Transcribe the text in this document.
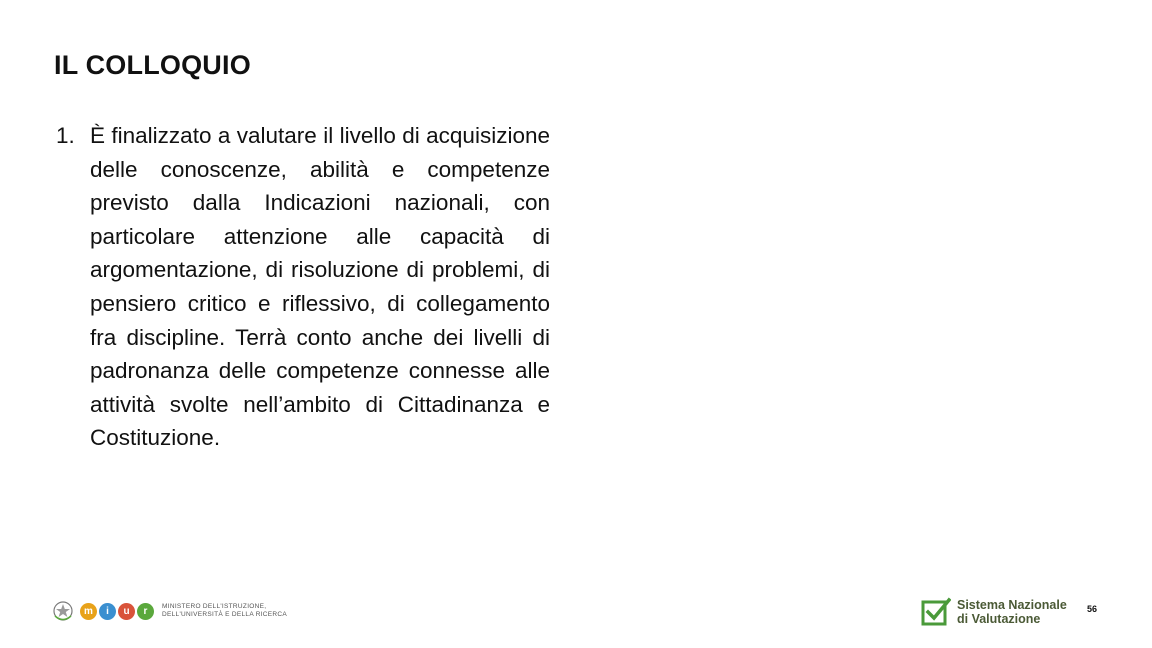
IL COLLOQUIO
1. È finalizzato a valutare il livello di acquisizione delle conoscenze, abilità e competenze previsto dalla Indicazioni nazionali, con particolare attenzione alle capacità di argomentazione, di risoluzione di problemi, di pensiero critico e riflessivo, di collegamento fra discipline. Terrà conto anche dei livelli di padronanza delle competenze connesse alle attività svolte nell’ambito di Cittadinanza e Costituzione.
m	i	u	r	MINISTERO DELL'ISTRUZIONE,
DELL'UNIVERSITÀ E DELLA RICERCA
Sistema Nazionale
di Valutazione
56
